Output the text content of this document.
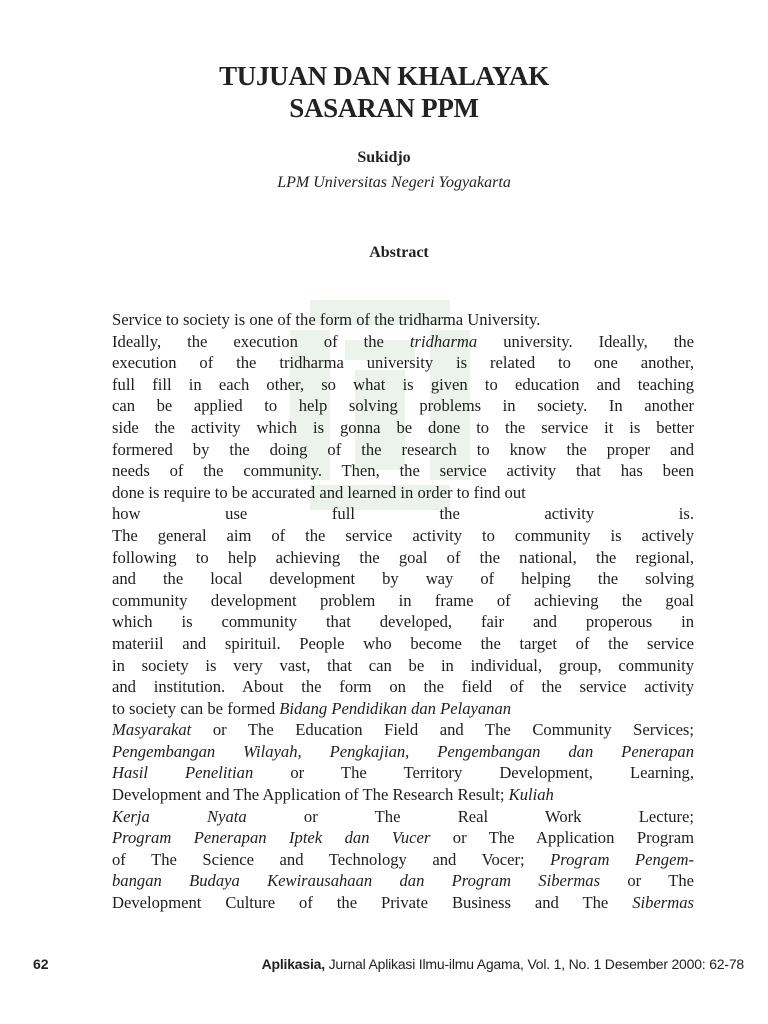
TUJUAN DAN KHALAYAK
SASARAN PPM
Sukidjo
LPM Universitas Negeri Yogyakarta
Abstract
Service to society is one of the form of the tridharma University.
Ideally, the execution of the tridharma university. Ideally, the
execution of the tridharma university is related to one another,
full fill in each other, so what is given to education and teaching
can be applied to help solving problems in society. In another
side the activity which is gonna be done to the service it is better
formered by the doing of the research to know the proper and
needs of the community. Then, the service activity that has been
done is require to be accurated and learned in order to find out
how use full the activity is.
The general aim of the service activity to community is actively
following to help achieving the goal of the national, the regional,
and the local development by way of helping the solving
community development problem in frame of achieving the goal
which is community that developed, fair and properous in
materiil and spirituil. People who become the target of the service
in society is very vast, that can be in individual, group, community
and institution. About the form on the field of the service activity
to society can be formed Bidang Pendidikan dan Pelayanan
Masyarakat or The Education Field and The Community Services;
Pengembangan Wilayah, Pengkajian, Pengembangan dan Penerapan
Hasil Penelitian or The Territory Development, Learning,
Development and The Application of The Research Result; Kuliah
Kerja Nyata or The Real Work Lecture;
Program Penerapan Iptek dan Vucer or The Application Program
of The Science and Technology and Vocer; Program Pengem-
bangan Budaya Kewirausahaan dan Program Sibermas or The
Development Culture of the Private Business and The Sibermas
62	Aplikasia, Jurnal Aplikasi Ilmu-ilmu Agama, Vol. 1, No. 1 Desember 2000: 62-78
